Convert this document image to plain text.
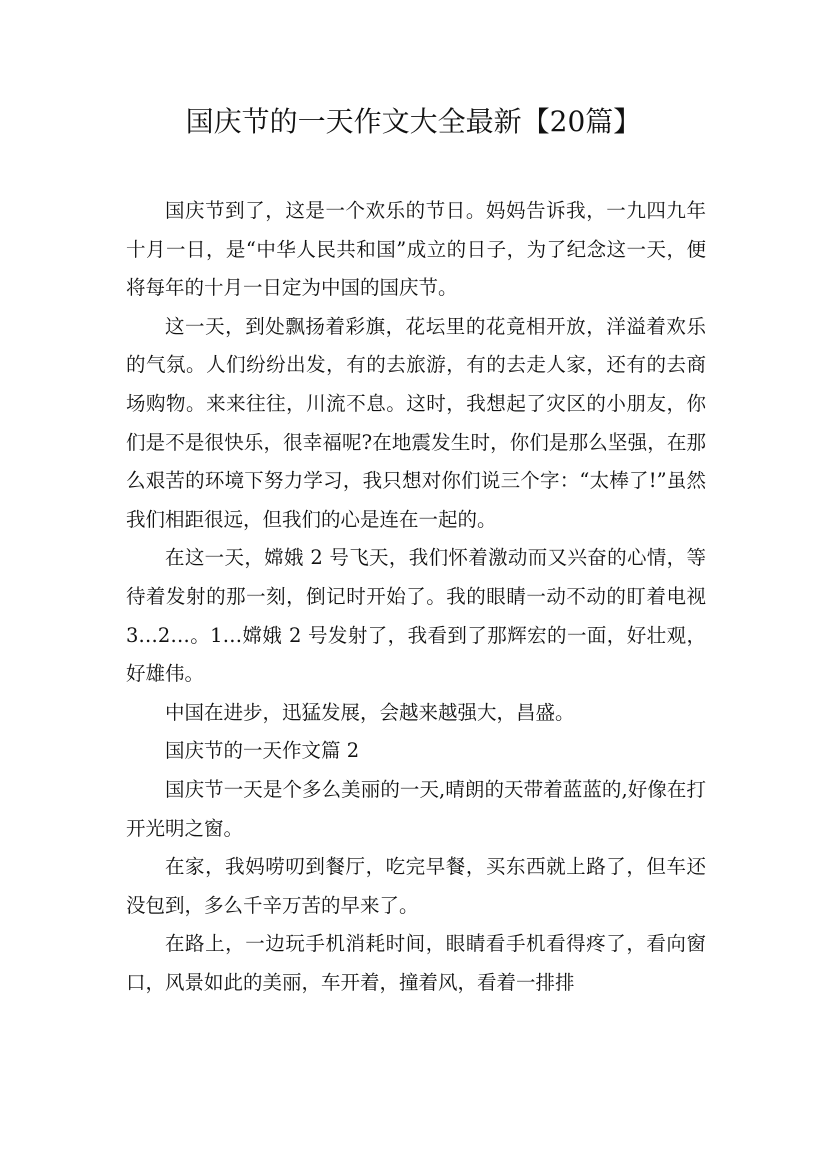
国庆节的一天作文大全最新【20篇】

国庆节到了，这是一个欢乐的节日。妈妈告诉我，一九四九年十月一日，是“中华人民共和国”成立的日子，为了纪念这一天，便将每年的十月一日定为中国的国庆节。

这一天，到处飘扬着彩旗，花坛里的花竟相开放，洋溢着欢乐的气氛。人们纷纷出发，有的去旅游，有的去走人家，还有的去商场购物。来来往往，川流不息。这时，我想起了灾区的小朋友，你们是不是很快乐，很幸福呢?在地震发生时，你们是那么坚强，在那么艰苦的环境下努力学习，我只想对你们说三个字：“太棒了!”虽然我们相距很远，但我们的心是连在一起的。

在这一天，嫦娥 2 号飞天，我们怀着激动而又兴奋的心情，等待着发射的那一刻，倒记时开始了。我的眼睛一动不动的盯着电视 3…2…。1…嫦娥 2 号发射了，我看到了那辉宏的一面，好壮观，好雄伟。

中国在进步，迅猛发展，会越来越强大，昌盛。

国庆节的一天作文篇 2

国庆节一天是个多么美丽的一天,晴朗的天带着蓝蓝的,好像在打开光明之窗。

在家，我妈唠叨到餐厅，吃完早餐，买东西就上路了，但车还没包到，多么千辛万苦的早来了。

在路上，一边玩手机消耗时间，眼睛看手机看得疼了，看向窗口，风景如此的美丽，车开着，撞着风，看着一排排
